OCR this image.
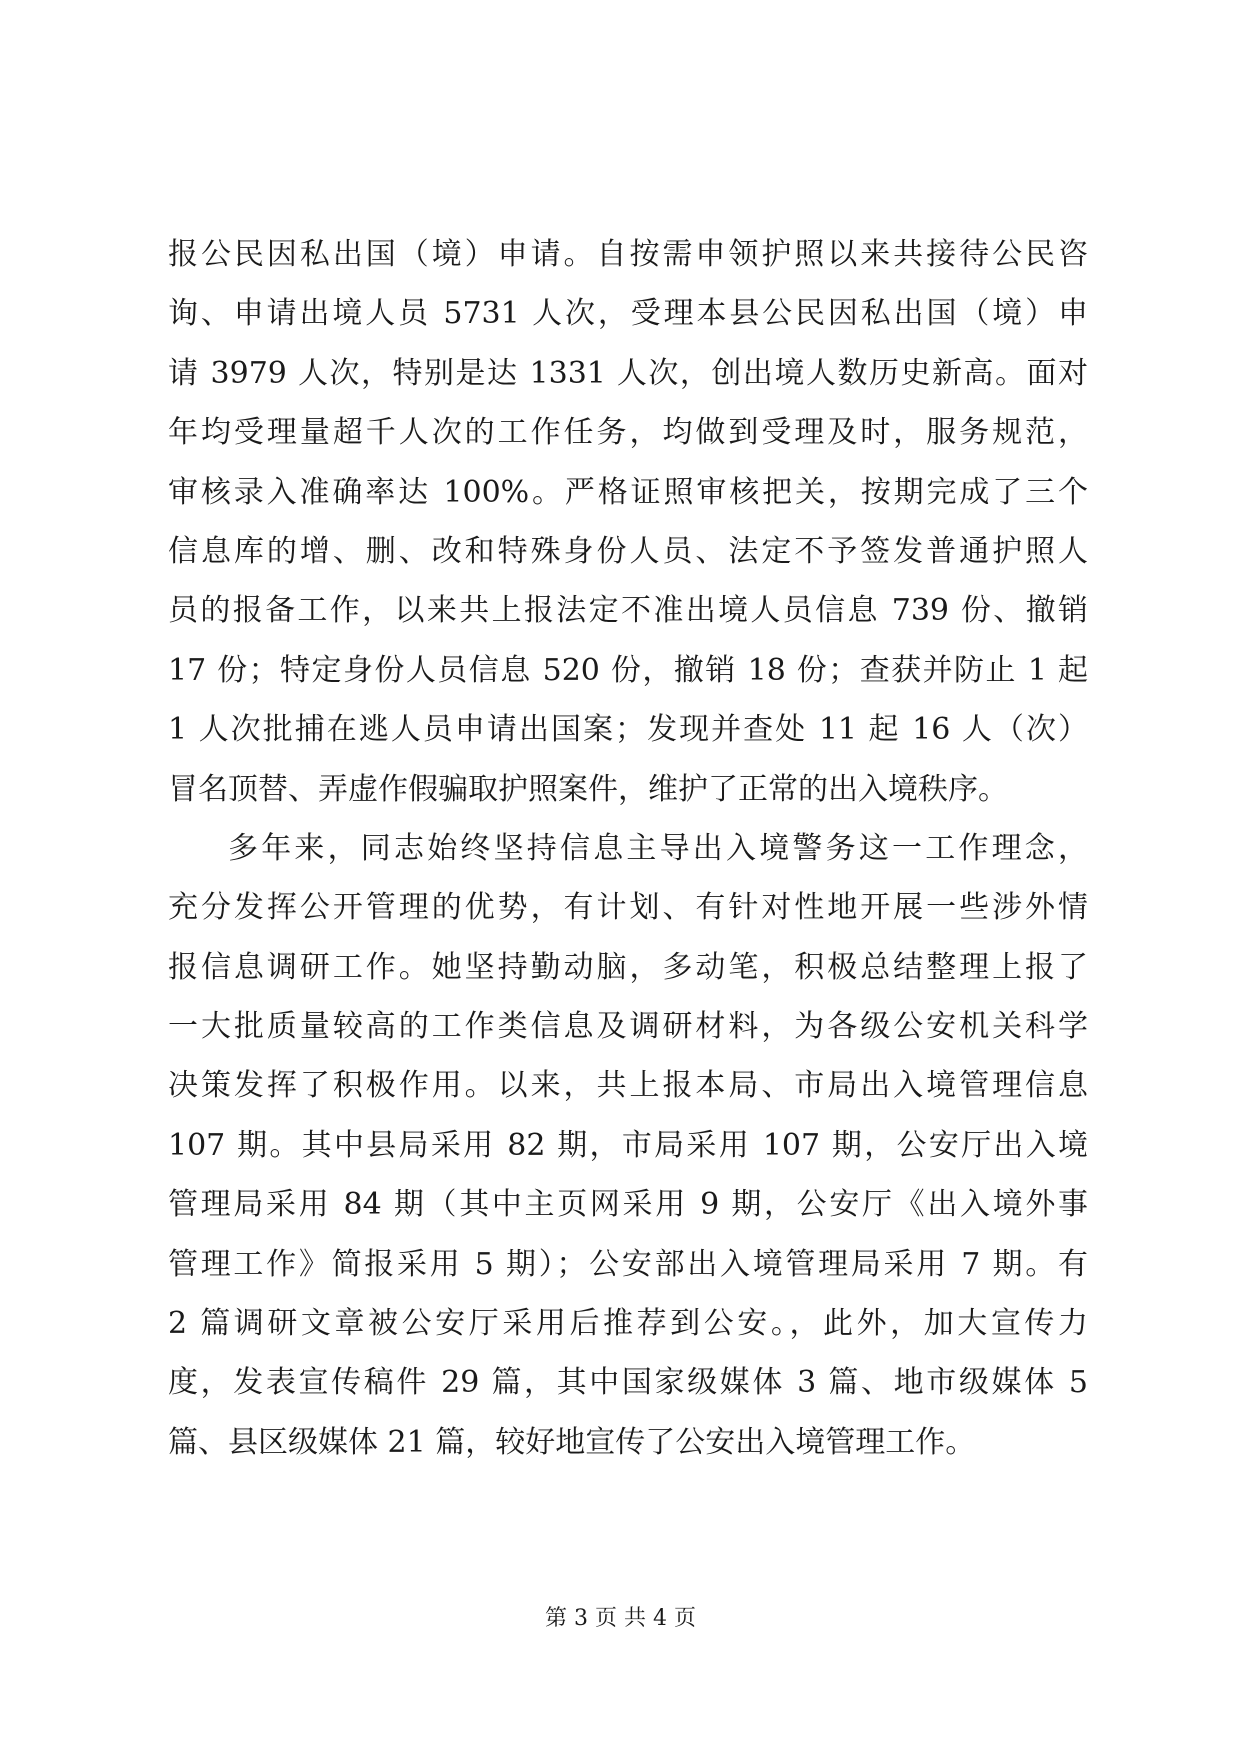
报公民因私出国（境）申请。自按需申领护照以来共接待公民咨
询、申请出境人员 5731 人次，受理本县公民因私出国（境）申
请 3979 人次，特别是达 1331 人次，创出境人数历史新高。面对
年均受理量超千人次的工作任务，均做到受理及时，服务规范，
审核录入准确率达 100%。严格证照审核把关，按期完成了三个
信息库的增、删、改和特殊身份人员、法定不予签发普通护照人
员的报备工作，以来共上报法定不准出境人员信息 739 份、撤销
17 份；特定身份人员信息 520 份，撤销 18 份；查获并防止 1 起
1 人次批捕在逃人员申请出国案；发现并查处 11 起 16 人（次）
冒名顶替、弄虚作假骗取护照案件，维护了正常的出入境秩序。
多年来，同志始终坚持信息主导出入境警务这一工作理念，
充分发挥公开管理的优势，有计划、有针对性地开展一些涉外情
报信息调研工作。她坚持勤动脑，多动笔，积极总结整理上报了
一大批质量较高的工作类信息及调研材料，为各级公安机关科学
决策发挥了积极作用。以来，共上报本局、市局出入境管理信息
107 期。其中县局采用 82 期，市局采用 107 期，公安厅出入境
管理局采用 84 期（其中主页网采用 9 期，公安厅《出入境外事
管理工作》简报采用 5 期）；公安部出入境管理局采用 7 期。有
2 篇调研文章被公安厅采用后推荐到公安。，此外，加大宣传力
度，发表宣传稿件 29 篇，其中国家级媒体 3 篇、地市级媒体 5
篇、县区级媒体 21 篇，较好地宣传了公安出入境管理工作。
第 3 页 共 4 页
